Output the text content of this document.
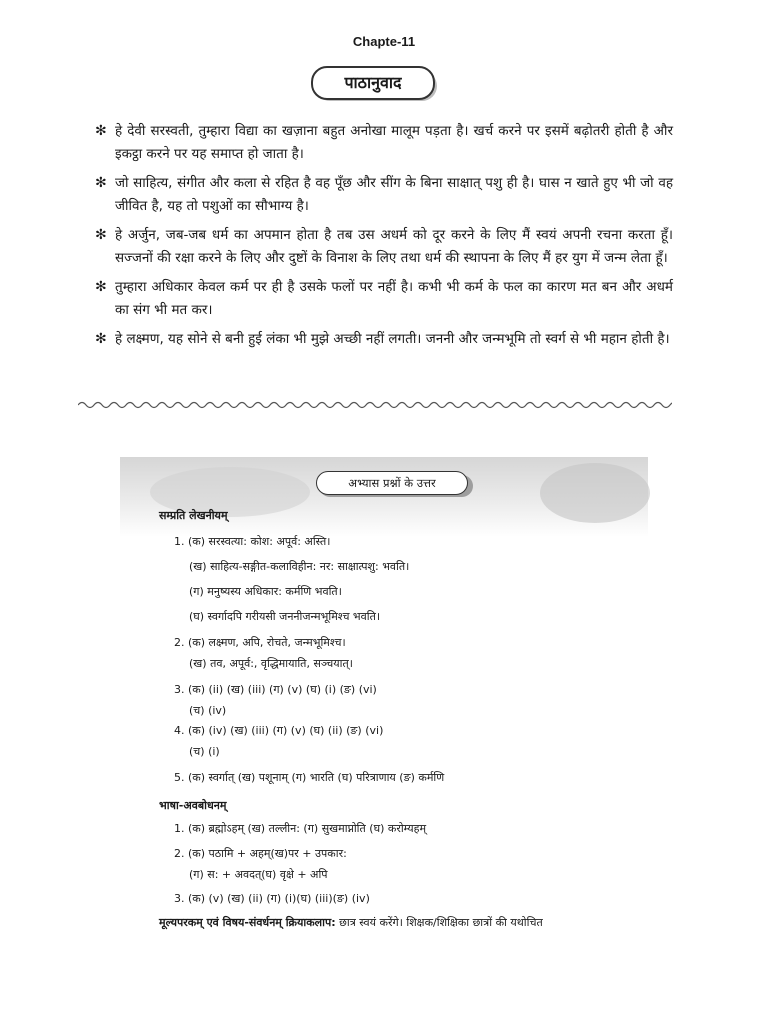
Chapte-11
पाठानुवाद
✻ हे देवी सरस्वती, तुम्हारा विद्या का खज़ाना बहुत अनोखा मालूम पड़ता है। खर्च करने पर इसमें बढ़ोतरी होती है और इकट्ठा करने पर यह समाप्त हो जाता है।
✻ जो साहित्य, संगीत और कला से रहित है वह पूँछ और सींग के बिना साक्षात् पशु ही है। घास न खाते हुए भी जो वह जीवित है, यह तो पशुओं का सौभाग्य है।
✻ हे अर्जुन, जब-जब धर्म का अपमान होता है तब उस अधर्म को दूर करने के लिए मैं स्वयं अपनी रचना करता हूँ। सज्जनों की रक्षा करने के लिए और दुष्टों के विनाश के लिए तथा धर्म की स्थापना के लिए मैं हर युग में जन्म लेता हूँ।
✻ तुम्हारा अधिकार केवल कर्म पर ही है उसके फलों पर नहीं है। कभी भी कर्म के फल का कारण मत बन और अधर्म का संग भी मत कर।
✻ हे लक्ष्मण, यह सोने से बनी हुई लंका भी मुझे अच्छी नहीं लगती। जननी और जन्मभूमि तो स्वर्ग से भी महान होती है।
अभ्यास प्रश्नों के उत्तर
सम्प्रति लेखनीयम्
1. (क) सरस्वत्या: कोश: अपूर्व: अस्ति।
(ख) साहित्य-सङ्गीत-कलाविहीन: नर: साक्षात्पशु: भवति।
(ग) मनुष्यस्य अधिकार: कर्मणि भवति।
(घ) स्वर्गादपि गरीयसी जननीजन्मभूमिश्च भवति।
2. (क) लक्ष्मण, अपि, रोचते, जन्मभूमिश्च।
(ख) तव, अपूर्व:, वृद्धिमायाति, सञ्चयात्।
3. (क) (ii) (ख) (iii) (ग) (v) (घ) (i) (ङ) (vi)
(च) (iv)
4. (क) (iv) (ख) (iii) (ग) (v) (घ) (ii) (ङ) (vi)
(च) (i)
5. (क) स्वर्गात् (ख) पशूनाम् (ग) भारति (घ) परित्राणाय (ङ) कर्मणि
भाषा-अवबोधनम्
1. (क) ब्रह्मोऽहम् (ख) तल्लीन: (ग) सुखमाप्नोति (घ) करोम्यहम्
2. (क) पठामि + अहम्(ख)पर + उपकार:
(ग) स: + अवदत्(घ) वृक्षे + अपि
3. (क) (v) (ख) (ii) (ग) (i)(घ) (iii)(ङ) (iv)
मूल्यपरकम् एवं विषय-संवर्धनम् क्रियाकलाप: छात्र स्वयं करेंगे। शिक्षक/शिक्षिका छात्रों की यथोचित
